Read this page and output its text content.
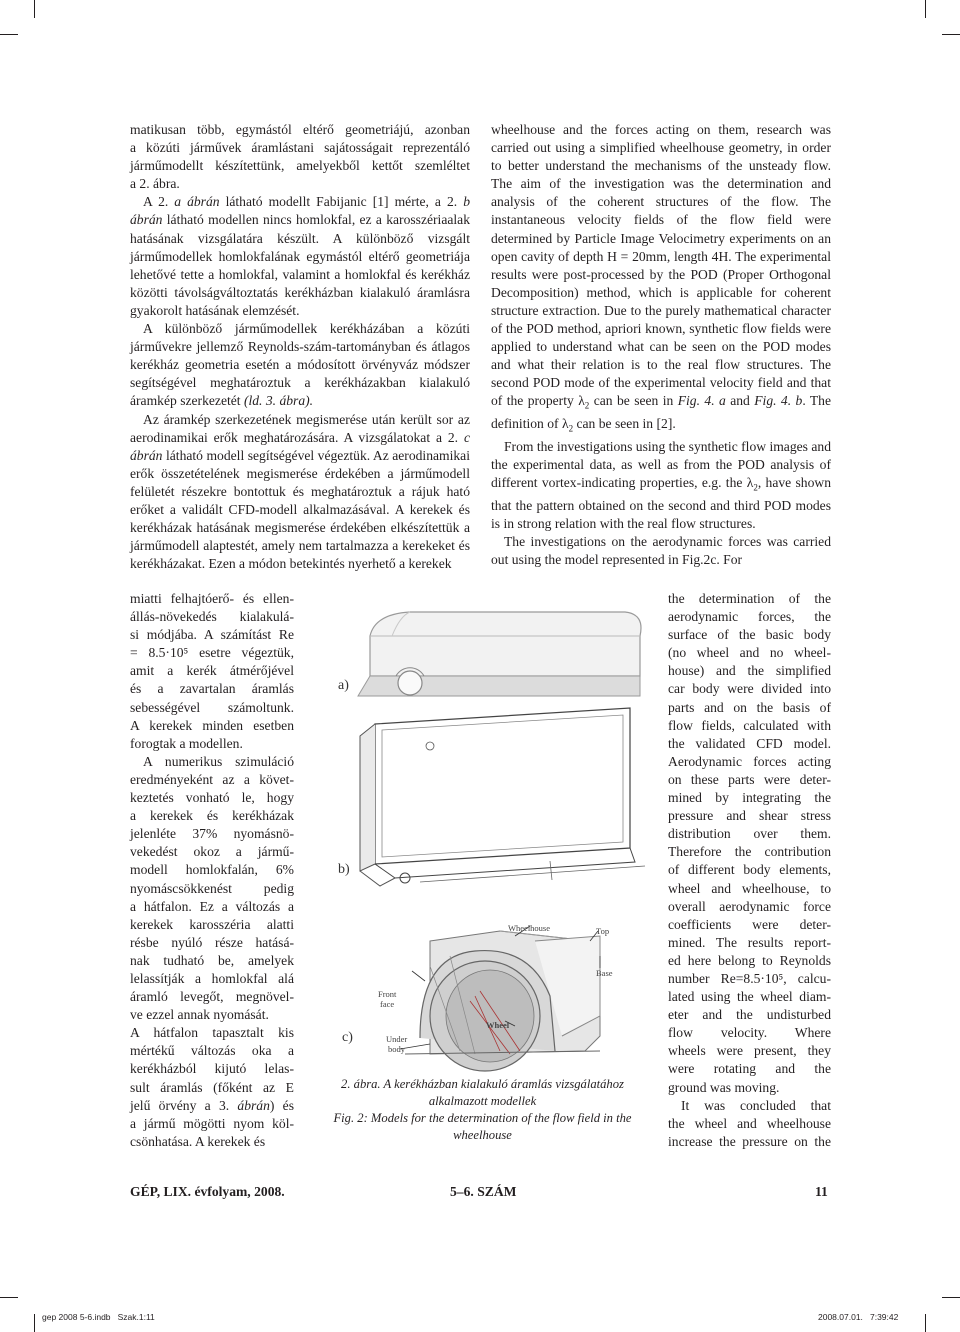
matikusan több, egymástól eltérő geometriájú, azonban
a közúti járművek áramlástani sajátosságait reprezentáló
járműmodellt készítettünk, amelyekből kettőt szemléltet
a 2. ábra.

A 2. a ábrán látható modellt Fabijanic [1] mérte, a 2. b ábrán látható modellen nincs homlokfal, ez a karosszériaalak hatásának vizsgálatára készült. A különböző vizsgált járműmodellek homlokfalának egymástól eltérő geometriája lehetővé tette a homlokfal, valamint a homlokfal és kerékház közötti távolságváltoztatás kerékházban kialakuló áramlásra gyakorolt hatásának elemzését.

A különböző járműmodellek kerékházában a közúti járművekre jellemző Reynolds-szám-tartományban és átlagos kerékház geometria esetén a módosított örvényváz módszer segítségével meghatároztuk a kerékházakban kialakuló áramkép szerkezetét (ld. 3. ábra).

Az áramkép szerkezetének megismerése után került sor az aerodinamikai erők meghatározására. A vizsgálatokat a 2. c ábrán látható modell segítségével végeztük. Az aerodinamikai erők összetételének megismerése érdekében a járműmodell felületét részekre bontottuk és meghatároztuk a rájuk ható erőket a validált CFD-modell alkalmazásával. A kerekek és kerékházak hatásának megismerése érdekében elkészítettük a járműmodell alaptestét, amely nem tartalmazza a kerekeket és kerékházakat. Ezen a módon betekintés nyerhető a kerekek

miatti felhajtóerő- és ellen-
állás-növekedés kialakulá-
si módjába. A számítást Re
= 8.5·10⁵ esetre végeztük,
amit a kerék átmérőjével
és a zavartalan áramlás
sebességével számoltunk.
A kerekek minden esetben
forogtak a modellen.

A numerikus szimuláció
eredményeként az a követ-
keztetés vonható le, hogy
a kerekek és kerékházak
jelenléte 37% nyomásnö-
vekedést okoz a jármű-
modell homlokfalán, 6%
nyomáscsökkenést pedig
a hátfalon. Ez a változás a
kerekek karosszéria alatti
résbe nyúló része hatásá-
nak tudható be, amelyek
lelassítják a homlokfal alá
áramló levegőt, megnövel-
ve ezzel annak nyomását.

A hátfalon tapasztalt kis
mértékű változás oka a
kerékházból kijutó lelas-
sult áramlás (főként az E
jelű örvény a 3. ábrán) és
a jármű mögötti nyom köl-
csönhatása. A kerekek és

wheelhouse and the forces acting on them, research was carried out using a simplified wheelhouse geometry, in order to better understand the mechanisms of the unsteady flow. The aim of the investigation was the determination and analysis of the coherent structures of the flow. The instantaneous velocity fields of the flow field were determined by Particle Image Velocimetry experiments on an open cavity of depth H = 20mm, length 4H. The experimental results were post-processed by the POD (Proper Orthogonal Decomposition) method, which is applicable for coherent structure extraction. Due to the purely mathematical character of the POD method, apriori known, synthetic flow fields were applied to understand what can be seen on the POD modes and what their relation is to the real flow structures. The second POD mode of the experimental velocity field and that of the property $\lambda_2$ can be seen in Fig. 4. a and Fig. 4. b. The definition of $\lambda_2$ can be seen in [2].

From the investigations using the synthetic flow images and the experimental data, as well as from the POD analysis of different vortex-indicating properties, e.g. the $\lambda_2$, have shown that the pattern obtained on the second and third POD modes is in strong relation with the real flow structures.

The investigations on the aerodynamic forces was carried out using the model represented in Fig.2c. For

the determination of the
aerodynamic forces, the
surface of the basic body
(no wheel and no wheel-
house) and the simplified
car body were divided into
parts and on the basis of
flow fields, calculated with
the validated CFD model.
Aerodynamic forces acting
on these parts were deter-
mined by integrating the
pressure and shear stress
distribution over them.
Therefore the contribution
of different body elements,
wheel and wheelhouse, to
overall aerodynamic force
coefficients were deter-
mined. The results report-
ed here belong to Reynolds
number Re=8.5·10⁵, calcu-
lated using the wheel diam-
eter and the undisturbed
flow velocity. Where
wheels were present, they
were rotating and the
ground was moving.

It was concluded that
the wheel and wheelhouse
increase the pressure on the

a)
b)
c)
Wheelhouse	Top
Base
Front
face
Wheel
Under
body
2. ábra. A kerékházban kialakuló áramlás vizsgálatához
alkalmazott modellek
Fig. 2: Models for the determination of the flow field in the
wheelhouse
GÉP, LIX. évfolyam, 2008.	5–6. SZÁM	11
gep 2008 5-6.indb   Szak.1:11	2008.07.01.   7:39:42
